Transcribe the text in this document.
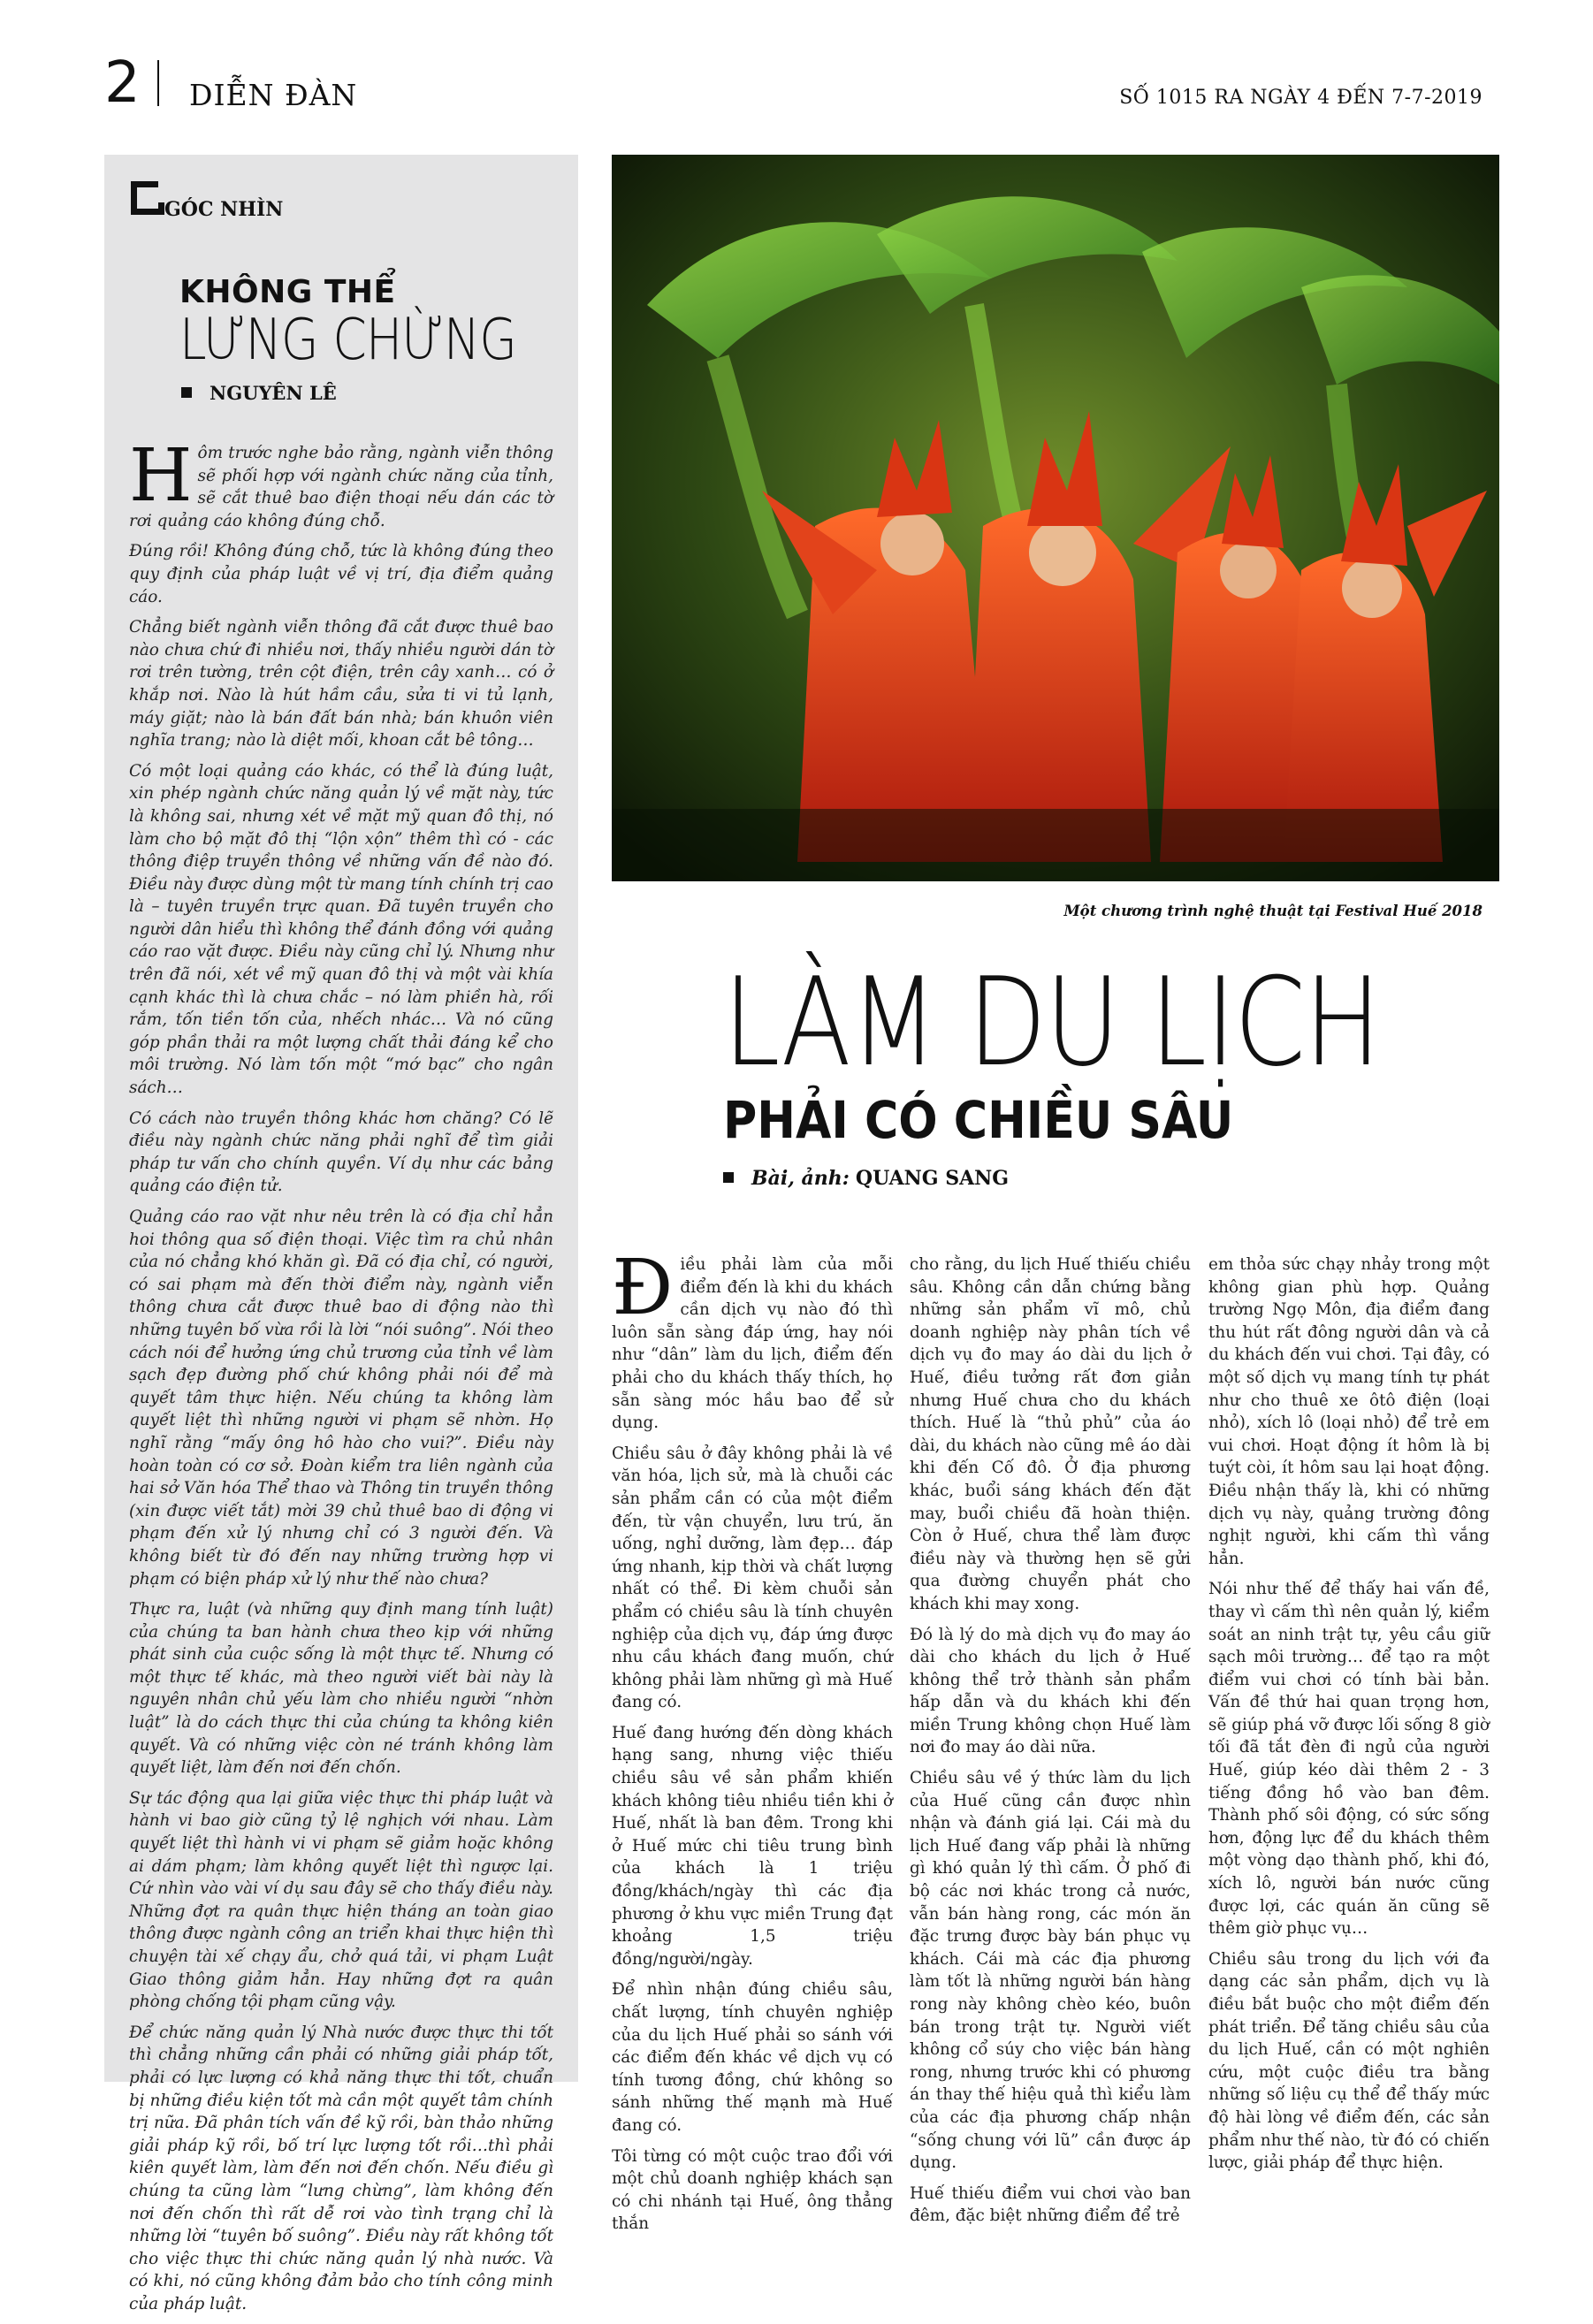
2 DIỄN ĐÀN	SỐ 1015 RA NGÀY 4 ĐẾN 7-7-2019
GÓC NHÌN
KHÔNG THỂ
LƯNG CHỪNG
NGUYÊN LÊ

Hôm trước nghe bảo rằng, ngành viễn thông sẽ phối hợp với ngành chức năng của tỉnh, sẽ cắt thuê bao điện thoại nếu dán các tờ rơi quảng cáo không đúng chỗ.

Đúng rồi! Không đúng chỗ, tức là không đúng theo quy định của pháp luật về vị trí, địa điểm quảng cáo.

Chẳng biết ngành viễn thông đã cắt được thuê bao nào chưa chứ đi nhiều nơi, thấy nhiều người dán tờ rơi trên tường, trên cột điện, trên cây xanh… có ở khắp nơi. Nào là hút hầm cầu, sửa ti vi tủ lạnh, máy giặt; nào là bán đất bán nhà; bán khuôn viên nghĩa trang; nào là diệt mối, khoan cắt bê tông…

Có một loại quảng cáo khác, có thể là đúng luật, xin phép ngành chức năng quản lý về mặt này, tức là không sai, nhưng xét về mặt mỹ quan đô thị, nó làm cho bộ mặt đô thị “lộn xộn” thêm thì có - các thông điệp truyền thông về những vấn đề nào đó. Điều này được dùng một từ mang tính chính trị cao là – tuyên truyền trực quan. Đã tuyên truyền cho người dân hiểu thì không thể đánh đồng với quảng cáo rao vặt được. Điều này cũng chỉ lý. Nhưng như trên đã nói, xét về mỹ quan đô thị và một vài khía cạnh khác thì là chưa chắc – nó làm phiền hà, rối rắm, tốn tiền tốn của, nhếch nhác… Và nó cũng góp phần thải ra một lượng chất thải đáng kể cho môi trường. Nó làm tốn một “mớ bạc” cho ngân sách…

Có cách nào truyền thông khác hơn chăng? Có lẽ điều này ngành chức năng phải nghĩ để tìm giải pháp tư vấn cho chính quyền. Ví dụ như các bảng quảng cáo điện tử.

Quảng cáo rao vặt như nêu trên là có địa chỉ hẳn hoi thông qua số điện thoại. Việc tìm ra chủ nhân của nó chẳng khó khăn gì. Đã có địa chỉ, có người, có sai phạm mà đến thời điểm này, ngành viễn thông chưa cắt được thuê bao di động nào thì những tuyên bố vừa rồi là lời “nói suông”. Nói theo cách nói để hưởng ứng chủ trương của tỉnh về làm sạch đẹp đường phố chứ không phải nói để mà quyết tâm thực hiện. Nếu chúng ta không làm quyết liệt thì những người vi phạm sẽ nhờn. Họ nghĩ rằng “mấy ông hô hào cho vui?”. Điều này hoàn toàn có cơ sở. Đoàn kiểm tra liên ngành của hai sở Văn hóa Thể thao và Thông tin truyền thông (xin được viết tắt) mời 39 chủ thuê bao di động vi phạm đến xử lý nhưng chỉ có 3 người đến. Và không biết từ đó đến nay những trường hợp vi phạm có biện pháp xử lý như thế nào chưa?

Thực ra, luật (và những quy định mang tính luật) của chúng ta ban hành chưa theo kịp với những phát sinh của cuộc sống là một thực tế. Nhưng có một thực tế khác, mà theo người viết bài này là nguyên nhân chủ yếu làm cho nhiều người “nhờn luật” là do cách thực thi của chúng ta không kiên quyết. Và có những việc còn né tránh không làm quyết liệt, làm đến nơi đến chốn.

Sự tác động qua lại giữa việc thực thi pháp luật và hành vi bao giờ cũng tỷ lệ nghịch với nhau. Làm quyết liệt thì hành vi vi phạm sẽ giảm hoặc không ai dám phạm; làm không quyết liệt thì ngược lại. Cứ nhìn vào vài ví dụ sau đây sẽ cho thấy điều này. Những đợt ra quân thực hiện tháng an toàn giao thông được ngành công an triển khai thực hiện thì chuyện tài xế chạy ẩu, chở quá tải, vi phạm Luật Giao thông giảm hẳn. Hay những đợt ra quân phòng chống tội phạm cũng vậy.

Để chức năng quản lý Nhà nước được thực thi tốt thì chẳng những cần phải có những giải pháp tốt, phải có lực lượng có khả năng thực thi tốt, chuẩn bị những điều kiện tốt mà cần một quyết tâm chính trị nữa. Đã phân tích vấn đề kỹ rồi, bàn thảo những giải pháp kỹ rồi, bố trí lực lượng tốt rồi…thì phải kiên quyết làm, làm đến nơi đến chốn. Nếu điều gì chúng ta cũng làm “lưng chừng”, làm không đến nơi đến chốn thì rất dễ rơi vào tình trạng chỉ là những lời “tuyên bố suông”. Điều này rất không tốt cho việc thực thi chức năng quản lý nhà nước. Và có khi, nó cũng không đảm bảo cho tính công minh của pháp luật.

Một chương trình nghệ thuật tại Festival Huế 2018
LÀM DU LỊCH
PHẢI CÓ CHIỀU SÂU
Bài, ảnh: QUANG SANG

Điều phải làm của mỗi điểm đến là khi du khách cần dịch vụ nào đó thì luôn sẵn sàng đáp ứng, hay nói như “dân” làm du lịch, điểm đến phải cho du khách thấy thích, họ sẵn sàng móc hầu bao để sử dụng.

Chiều sâu ở đây không phải là về văn hóa, lịch sử, mà là chuỗi các sản phẩm cần có của một điểm đến, từ vận chuyển, lưu trú, ăn uống, nghỉ dưỡng, làm đẹp… đáp ứng nhanh, kịp thời và chất lượng nhất có thể. Đi kèm chuỗi sản phẩm có chiều sâu là tính chuyên nghiệp của dịch vụ, đáp ứng được nhu cầu khách đang muốn, chứ không phải làm những gì mà Huế đang có.

Huế đang hướng đến dòng khách hạng sang, nhưng việc thiếu chiều sâu về sản phẩm khiến khách không tiêu nhiều tiền khi ở Huế, nhất là ban đêm. Trong khi ở Huế mức chi tiêu trung bình của khách là 1 triệu đồng/khách/ngày thì các địa phương ở khu vực miền Trung đạt khoảng 1,5 triệu đồng/người/ngày.

Để nhìn nhận đúng chiều sâu, chất lượng, tính chuyên nghiệp của du lịch Huế phải so sánh với các điểm đến khác về dịch vụ có tính tương đồng, chứ không so sánh những thế mạnh mà Huế đang có.

Tôi từng có một cuộc trao đổi với một chủ doanh nghiệp khách sạn có chi nhánh tại Huế, ông thẳng thắn

cho rằng, du lịch Huế thiếu chiều sâu. Không cần dẫn chứng bằng những sản phẩm vĩ mô, chủ doanh nghiệp này phân tích về dịch vụ đo may áo dài du lịch ở Huế, điều tưởng rất đơn giản nhưng Huế chưa cho du khách thích. Huế là “thủ phủ” của áo dài, du khách nào cũng mê áo dài khi đến Cố đô. Ở địa phương khác, buổi sáng khách đến đặt may, buổi chiều đã hoàn thiện. Còn ở Huế, chưa thể làm được điều này và thường hẹn sẽ gửi qua đường chuyển phát cho khách khi may xong.

Đó là lý do mà dịch vụ đo may áo dài cho khách du lịch ở Huế không thể trở thành sản phẩm hấp dẫn và du khách khi đến miền Trung không chọn Huế làm nơi đo may áo dài nữa.

Chiều sâu về ý thức làm du lịch của Huế cũng cần được nhìn nhận và đánh giá lại. Cái mà du lịch Huế đang vấp phải là những gì khó quản lý thì cấm. Ở phố đi bộ các nơi khác trong cả nước, vẫn bán hàng rong, các món ăn đặc trưng được bày bán phục vụ khách. Cái mà các địa phương làm tốt là những người bán hàng rong này không chèo kéo, buôn bán trong trật tự. Người viết không cổ súy cho việc bán hàng rong, nhưng trước khi có phương án thay thế hiệu quả thì kiểu làm của các địa phương chấp nhận “sống chung với lũ” cần được áp dụng.

Huế thiếu điểm vui chơi vào ban đêm, đặc biệt những điểm để trẻ

em thỏa sức chạy nhảy trong một không gian phù hợp. Quảng trường Ngọ Môn, địa điểm đang thu hút rất đông người dân và cả du khách đến vui chơi. Tại đây, có một số dịch vụ mang tính tự phát như cho thuê xe ôtô điện (loại nhỏ), xích lô (loại nhỏ) để trẻ em vui chơi. Hoạt động ít hôm là bị tuýt còi, ít hôm sau lại hoạt động. Điều nhận thấy là, khi có những dịch vụ này, quảng trường đông nghịt người, khi cấm thì vắng hẳn.

Nói như thế để thấy hai vấn đề, thay vì cấm thì nên quản lý, kiểm soát an ninh trật tự, yêu cầu giữ sạch môi trường… để tạo ra một điểm vui chơi có tính bài bản. Vấn đề thứ hai quan trọng hơn, sẽ giúp phá vỡ được lối sống 8 giờ tối đã tắt đèn đi ngủ của người Huế, giúp kéo dài thêm 2 - 3 tiếng đồng hồ vào ban đêm. Thành phố sôi động, có sức sống hơn, động lực để du khách thêm một vòng dạo thành phố, khi đó, xích lô, người bán nước cũng được lợi, các quán ăn cũng sẽ thêm giờ phục vụ…

Chiều sâu trong du lịch với đa dạng các sản phẩm, dịch vụ là điều bắt buộc cho một điểm đến phát triển. Để tăng chiều sâu của du lịch Huế, cần có một nghiên cứu, một cuộc điều tra bằng những số liệu cụ thể để thấy mức độ hài lòng về điểm đến, các sản phẩm như thế nào, từ đó có chiến lược, giải pháp để thực hiện.
